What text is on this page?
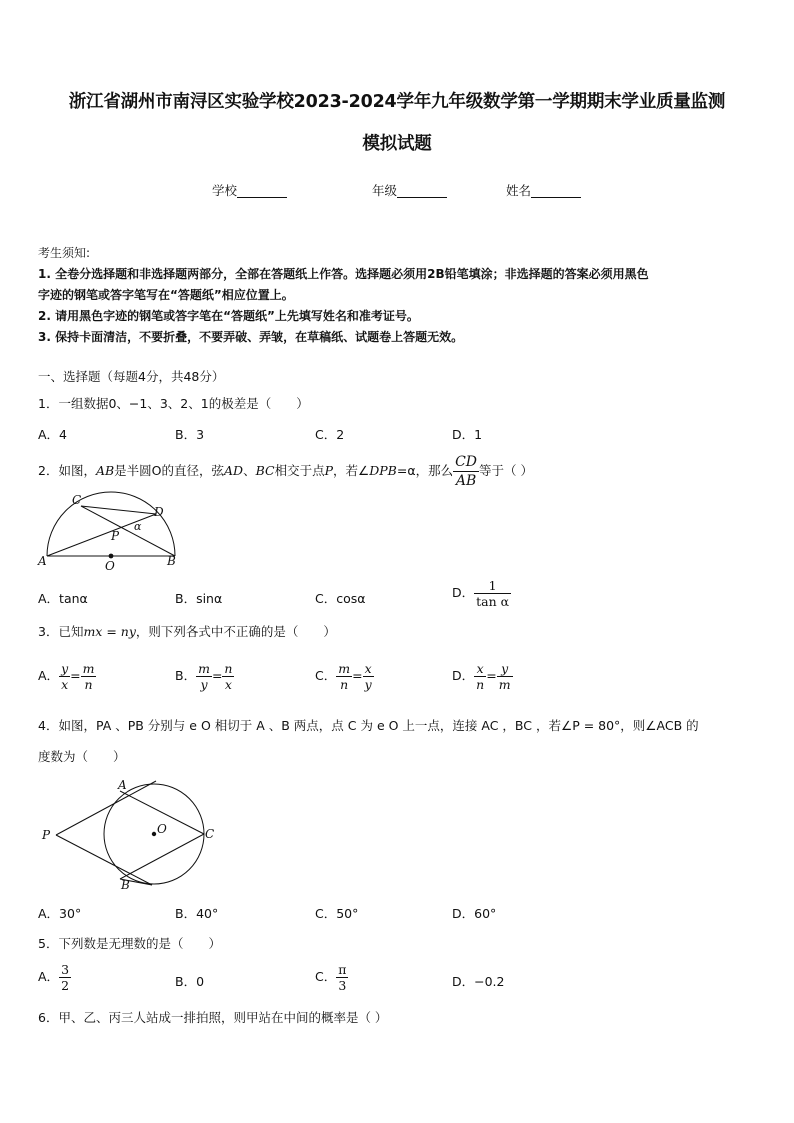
浙江省湖州市南浔区实验学校2023-2024学年九年级数学第一学期期末学业质量监测
模拟试题
学校	年级	姓名
考生须知:
1. 全卷分选择题和非选择题两部分，全部在答题纸上作答。选择题必须用2B铅笔填涂；非选择题的答案必须用黑色
字迹的钢笔或答字笔写在“答题纸”相应位置上。
2. 请用黑色字迹的钢笔或答字笔在“答题纸”上先填写姓名和准考证号。
3. 保持卡面清洁，不要折叠，不要弄破、弄皱，在草稿纸、试题卷上答题无效。
一、选择题（每题4分，共48分）
1．一组数据0、−1、3、2、1的极差是（　　）
A．4	B．3	C．2	D．1
2．如图，AB是半圆O的直径，弦AD、BC相交于点P，若∠DPB=α，那么 $\frac{CD}{AB}$ 等于（ ）
A	B
C
D
P
O
α
A．tanα	B．sinα	C．cosα	D． $\frac{1}{\text{tan α}}$
3．已知mx = ny，则下列各式中不正确的是（　　）
A． $\frac{y}{x} = \frac{m}{n}$	B． $\frac{m}{y} = \frac{n}{x}$	C． $\frac{m}{n} = \frac{x}{y}$	D． $\frac{x}{n} = \frac{y}{m}$
4．如图，PA 、PB 分别与 e O 相切于 A 、B 两点，点 C 为 e O 上一点，连接 AC ，BC ，若∠P = 80°，则∠ACB 的
度数为（　　）
A
B
C
P	O
A．30°	B．40°	C．50°	D．60°
5．下列数是无理数的是（　　）
A． $\frac{3}{2}$	B．0	C． $\frac{\pi}{3}$	D．−0.2
6．甲、乙、丙三人站成一排拍照，则甲站在中间的概率是（ ）
